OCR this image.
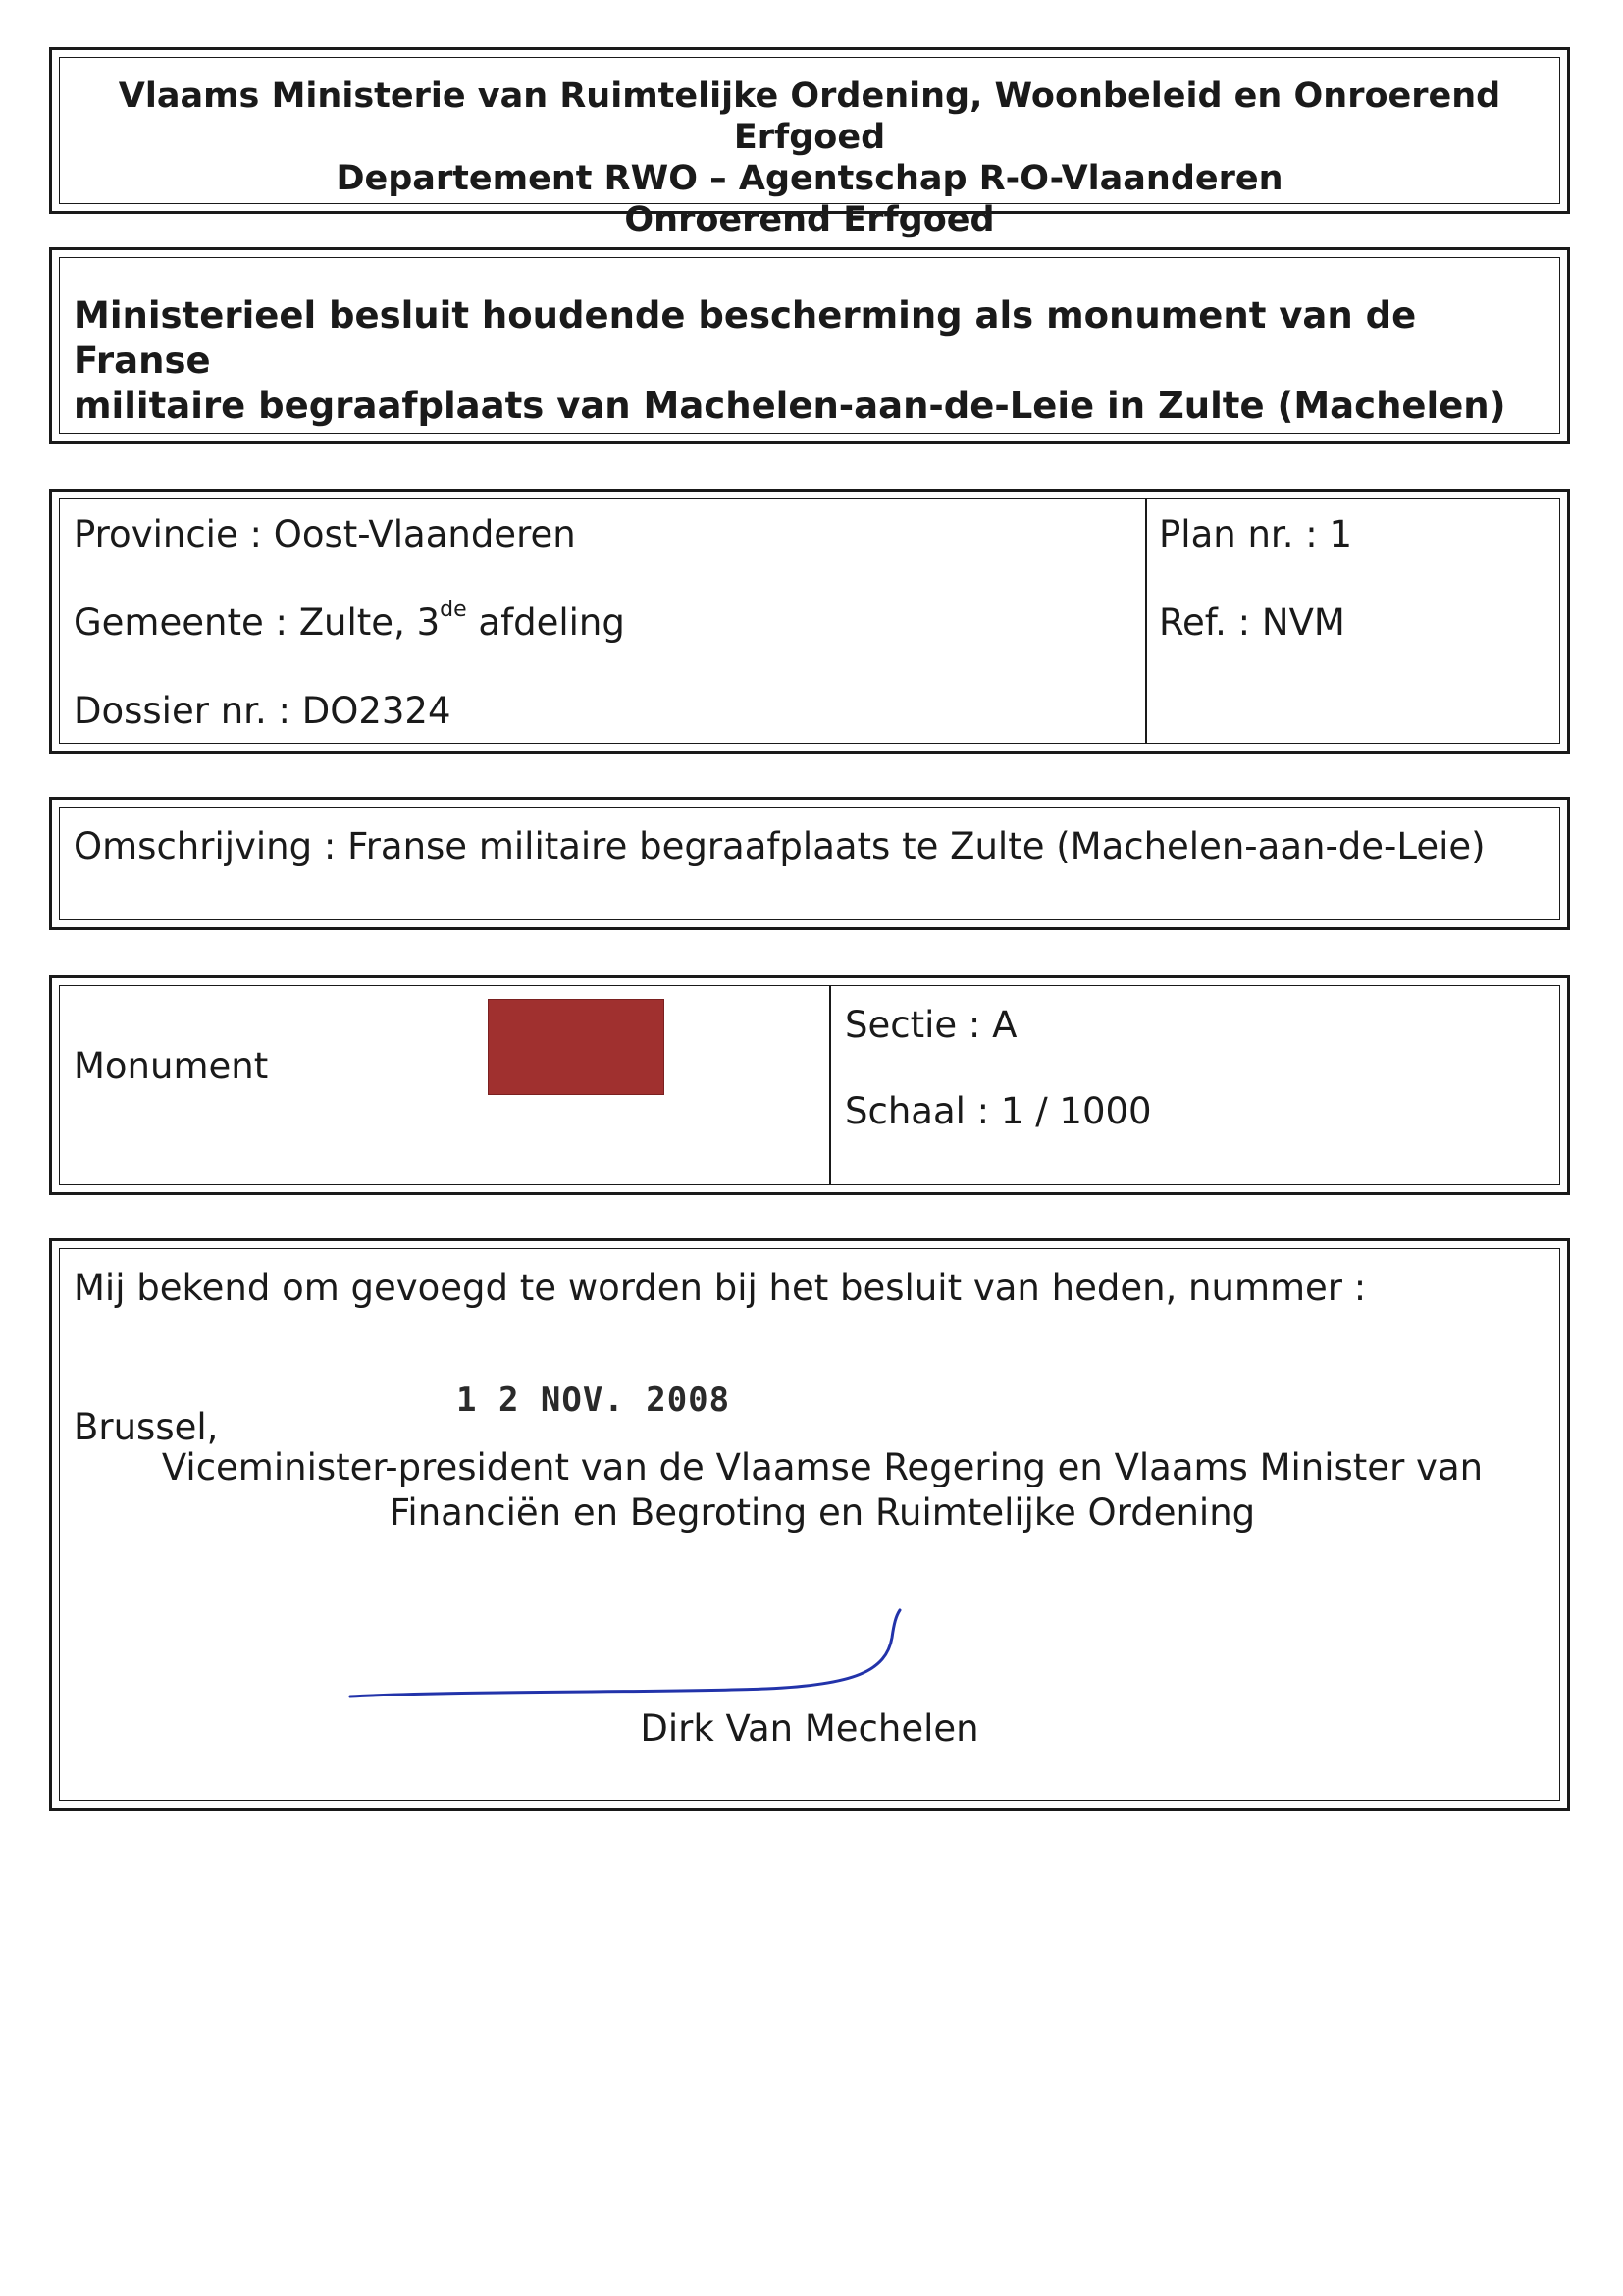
Vlaams Ministerie van Ruimtelijke Ordening, Woonbeleid en Onroerend Erfgoed
Departement RWO – Agentschap R-O-Vlaanderen
Onroerend Erfgoed
Ministerieel besluit houdende bescherming als monument van de Franse
militaire begraafplaats van Machelen-aan-de-Leie in Zulte (Machelen)
Provincie : Oost-Vlaanderen
Gemeente : Zulte, 3de afdeling
Dossier nr. : DO2324
Plan nr. : 1
Ref. : NVM
Omschrijving : Franse militaire begraafplaats te Zulte (Machelen-aan-de-Leie)
Monument
Sectie : A
Schaal : 1 / 1000
Mij bekend om gevoegd te worden bij het besluit van heden, nummer :
1 2 NOV. 2008
Brussel,
Viceminister-president van de Vlaamse Regering en Vlaams Minister van
Financiën en Begroting en Ruimtelijke Ordening
Dirk Van Mechelen
